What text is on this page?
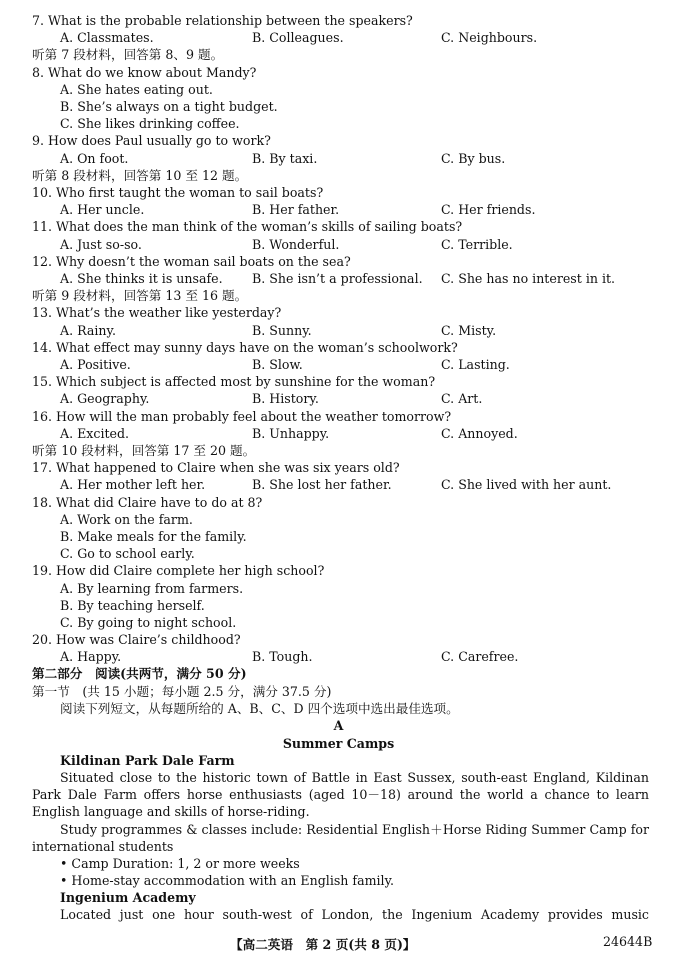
7. What is the probable relationship between the speakers?
A. Classmates.	B. Colleagues.	C. Neighbours.
听第 7 段材料，回答第 8、9 题。
8. What do we know about Mandy?
A. She hates eating out.
B. She’s always on a tight budget.
C. She likes drinking coffee.
9. How does Paul usually go to work?
A. On foot.	B. By taxi.	C. By bus.
听第 8 段材料，回答第 10 至 12 题。
10. Who first taught the woman to sail boats?
A. Her uncle.	B. Her father.	C. Her friends.
11. What does the man think of the woman’s skills of sailing boats?
A. Just so-so.	B. Wonderful.	C. Terrible.
12. Why doesn’t the woman sail boats on the sea?
A. She thinks it is unsafe. B. She isn’t a professional. C. She has no interest in it.
听第 9 段材料，回答第 13 至 16 题。
13. What’s the weather like yesterday?
A. Rainy.	B. Sunny.	C. Misty.
14. What effect may sunny days have on the woman’s schoolwork?
A. Positive.	B. Slow.	C. Lasting.
15. Which subject is affected most by sunshine for the woman?
A. Geography.	B. History.	C. Art.
16. How will the man probably feel about the weather tomorrow?
A. Excited.	B. Unhappy.	C. Annoyed.
听第 10 段材料，回答第 17 至 20 题。
17. What happened to Claire when she was six years old?
A. Her mother left her.	B. She lost her father.	C. She lived with her aunt.
18. What did Claire have to do at 8?
A. Work on the farm.
B. Make meals for the family.
C. Go to school early.
19. How did Claire complete her high school?
A. By learning from farmers.
B. By teaching herself.
C. By going to night school.
20. How was Claire’s childhood?
A. Happy.	B. Tough.	C. Carefree.
第二部分　阅读(共两节，满分 50 分)
第一节　(共 15 小题；每小题 2.5 分，满分 37.5 分)
阅读下列短文，从每题所给的 A、B、C、D 四个选项中选出最佳选项。
A
Summer Camps
Kildinan Park Dale Farm
Situated close to the historic town of Battle in East Sussex, south-east England, Kildinan Park Dale Farm offers horse enthusiasts (aged 10－18) around the world a chance to learn English language and skills of horse-riding.
Study programmes & classes include: Residential English＋Horse Riding Summer Camp for international students
• Camp Duration: 1, 2 or more weeks
• Home-stay accommodation with an English family.
Ingenium Academy
Located just one hour south-west of London, the Ingenium Academy provides music
【高二英语　第 2 页(共 8 页)】	24644B
